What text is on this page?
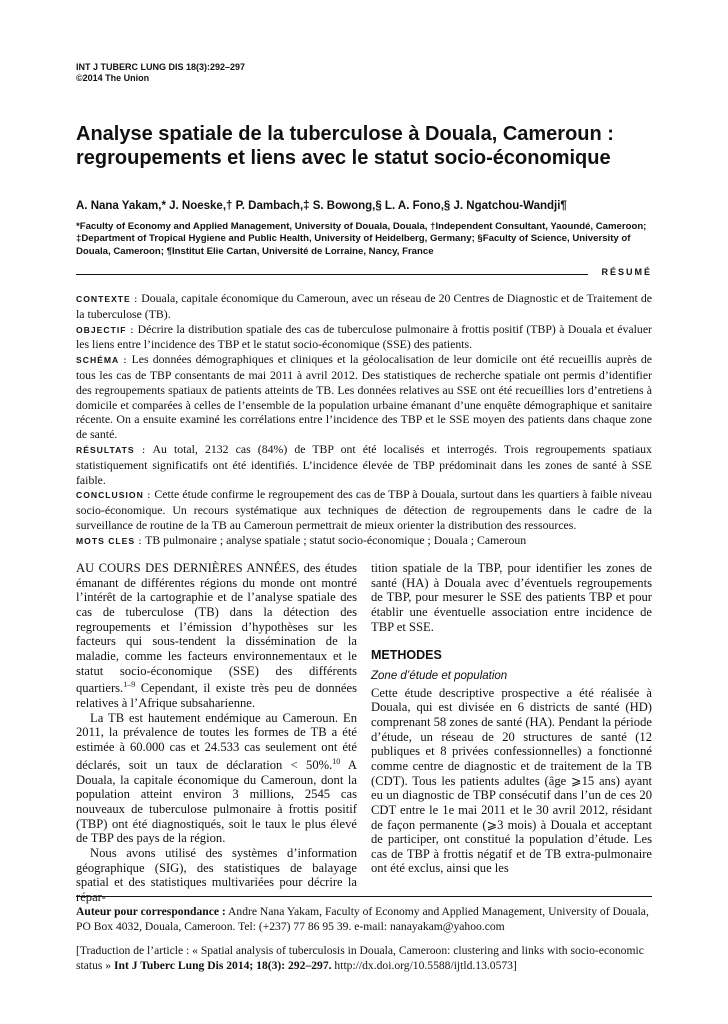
INT J TUBERC LUNG DIS 18(3):292–297
©2014 The Union
Analyse spatiale de la tuberculose à Douala, Cameroun :
regroupements et liens avec le statut socio-économique
A. Nana Yakam,* J. Noeske,† P. Dambach,‡ S. Bowong,§ L. A. Fono,§ J. Ngatchou-Wandji¶
*Faculty of Economy and Applied Management, University of Douala, Douala, †Independent Consultant, Yaoundé, Cameroon; ‡Department of Tropical Hygiene and Public Health, University of Heidelberg, Germany; §Faculty of Science, University of Douala, Cameroon; ¶Institut Elie Cartan, Université de Lorraine, Nancy, France
RÉSUMÉ

CONTEXTE : Douala, capitale économique du Cameroun, avec un réseau de 20 Centres de Diagnostic et de Traitement de la tuberculose (TB).

OBJECTIF : Décrire la distribution spatiale des cas de tuberculose pulmonaire à frottis positif (TBP) à Douala et évaluer les liens entre l’incidence des TBP et le statut socio-économique (SSE) des patients.

SCHÉMA : Les données démographiques et cliniques et la géolocalisation de leur domicile ont été recueillis auprès de tous les cas de TBP consentants de mai 2011 à avril 2012. Des statistiques de recherche spatiale ont permis d’identifier des regroupements spatiaux de patients atteints de TB. Les données relatives au SSE ont été recueillies lors d’entretiens à domicile et comparées à celles de l’ensemble de la population urbaine émanant d’une enquête démographique et sanitaire récente. On a ensuite examiné les corrélations entre l’incidence des TBP et le SSE moyen des patients dans chaque zone de santé.

RÉSULTATS : Au total, 2132 cas (84%) de TBP ont été localisés et interrogés. Trois regroupements spatiaux statistiquement significatifs ont été identifiés. L’incidence élevée de TBP prédominait dans les zones de santé à SSE faible.

CONCLUSION : Cette étude confirme le regroupement des cas de TBP à Douala, surtout dans les quartiers à faible niveau socio-économique. Un recours systématique aux techniques de détection de regroupements dans le cadre de la surveillance de routine de la TB au Cameroun permettrait de mieux orienter la distribution des ressources.

MOTS CLES : TB pulmonaire ; analyse spatiale ; statut socio-économique ; Douala ; Cameroun

AU COURS DES DERNIÈRES ANNÉES, des études émanant de différentes régions du monde ont montré l’intérêt de la cartographie et de l’analyse spatiale des cas de tuberculose (TB) dans la détection des regroupements et l’émission d’hypothèses sur les facteurs qui sous-tendent la dissémination de la maladie, comme les facteurs environnementaux et le statut socio-économique (SSE) des différents quartiers.$^{1-9}$ Cependant, il existe très peu de données relatives à l’Afrique subsaharienne.

La TB est hautement endémique au Cameroun. En 2011, la prévalence de toutes les formes de TB a été estimée à 60.000 cas et 24.533 cas seulement ont été déclarés, soit un taux de déclaration < 50%.$^{10}$ A Douala, la capitale économique du Cameroun, dont la population atteint environ 3 millions, 2545 cas nouveaux de tuberculose pulmonaire à frottis positif (TBP) ont été diagnostiqués, soit le taux le plus élevé de TBP des pays de la région.

Nous avons utilisé des systèmes d’information géographique (SIG), des statistiques de balayage spatial et des statistiques multivariées pour décrire la répar-

tition spatiale de la TBP, pour identifier les zones de santé (HA) à Douala avec d’éventuels regroupements de TBP, pour mesurer le SSE des patients TBP et pour établir une éventuelle association entre incidence de TBP et SSE.

METHODES
Zone d’étude et population

Cette étude descriptive prospective a été réalisée à Douala, qui est divisée en 6 districts de santé (HD) comprenant 58 zones de santé (HA). Pendant la période d’étude, un réseau de 20 structures de santé (12 publiques et 8 privées confessionnelles) a fonctionné comme centre de diagnostic et de traitement de la TB (CDT). Tous les patients adultes (âge ⩾15 ans) ayant eu un diagnostic de TBP consécutif dans l’un de ces 20 CDT entre le 1e mai 2011 et le 30 avril 2012, résidant de façon permanente (⩾3 mois) à Douala et acceptant de participer, ont constitué la population d’étude. Les cas de TBP à frottis négatif et de TB extra-pulmonaire ont été exclus, ainsi que les

Auteur pour correspondance : Andre Nana Yakam, Faculty of Economy and Applied Management, University of Douala, PO Box 4032, Douala, Cameroon. Tel: (+237) 77 86 95 39. e-mail: nanayakam@yahoo.com

[Traduction de l’article : « Spatial analysis of tuberculosis in Douala, Cameroon: clustering and links with socio-economic status » Int J Tuberc Lung Dis 2014; 18(3): 292–297. http://dx.doi.org/10.5588/ijtld.13.0573]
